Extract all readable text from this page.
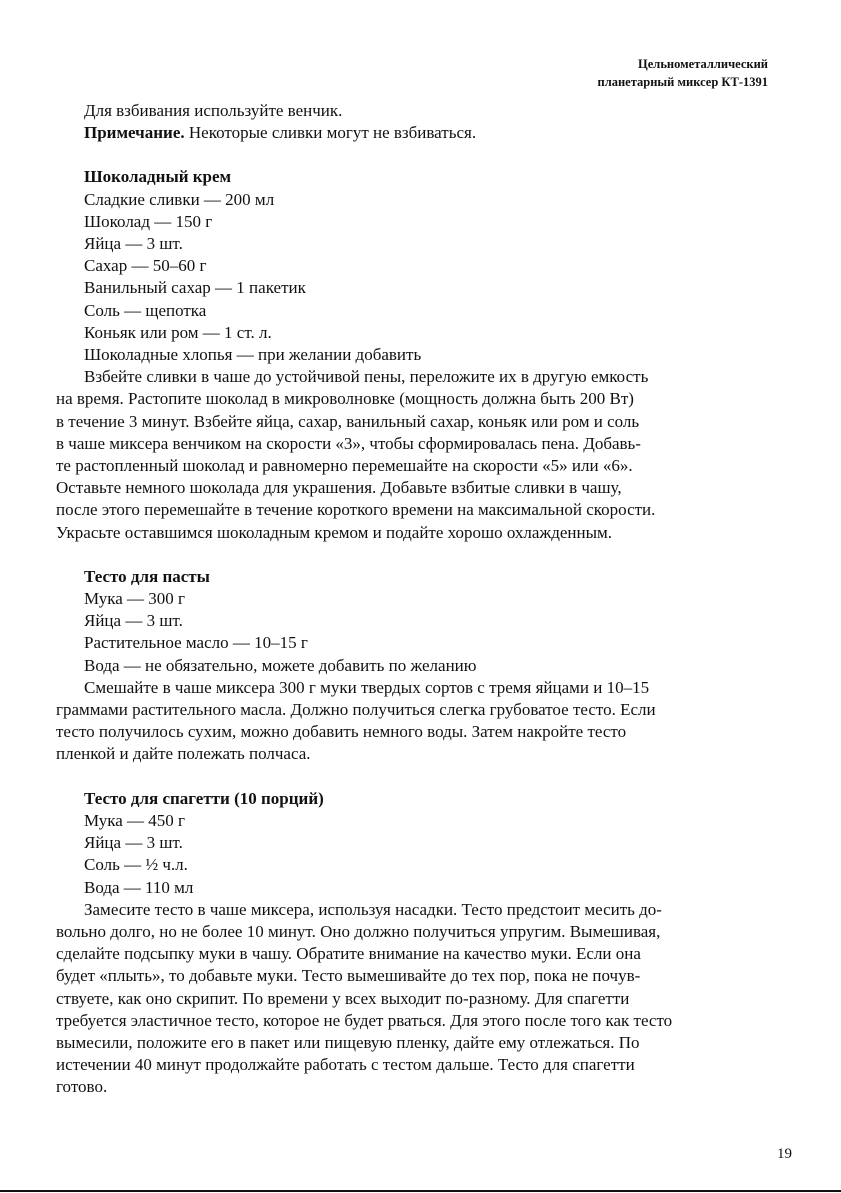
Цельнометаллический
планетарный миксер КТ-1391
Для взбивания используйте венчик.
Примечание. Некоторые сливки могут не взбиваться.
Шоколадный крем
Сладкие сливки — 200 мл
Шоколад — 150 г
Яйца — 3 шт.
Сахар — 50–60 г
Ванильный сахар — 1 пакетик
Соль — щепотка
Коньяк или ром — 1 ст. л.
Шоколадные хлопья — при желании добавить
Взбейте сливки в чаше до устойчивой пены, переложите их в другую емкость
на время. Растопите шоколад в микроволновке (мощность должна быть 200 Вт)
в течение 3 минут. Взбейте яйца, сахар, ванильный сахар, коньяк или ром и соль
в чаше миксера венчиком на скорости «3», чтобы сформировалась пена. Добавь-
те растопленный шоколад и равномерно перемешайте на скорости «5» или «6».
Оставьте немного шоколада для украшения. Добавьте взбитые сливки в чашу,
после этого перемешайте в течение короткого времени на максимальной скорости.
Украсьте оставшимся шоколадным кремом и подайте хорошо охлажденным.
Тесто для пасты
Мука — 300 г
Яйца — 3 шт.
Растительное масло — 10–15 г
Вода — не обязательно, можете добавить по желанию
Смешайте в чаше миксера 300 г муки твердых сортов с тремя яйцами и 10–15
граммами растительного масла. Должно получиться слегка грубоватое тесто. Если
тесто получилось сухим, можно добавить немного воды. Затем накройте тесто
пленкой и дайте полежать полчаса.
Тесто для спагетти (10 порций)
Мука — 450 г
Яйца — 3 шт.
Соль — ½ ч.л.
Вода — 110 мл
Замесите тесто в чаше миксера, используя насадки. Тесто предстоит месить до-
вольно долго, но не более 10 минут. Оно должно получиться упругим. Вымешивая,
сделайте подсыпку муки в чашу. Обратите внимание на качество муки. Если она
будет «плыть», то добавьте муки. Тесто вымешивайте до тех пор, пока не почув-
ствуете, как оно скрипит. По времени у всех выходит по-разному. Для спагетти
требуется эластичное тесто, которое не будет рваться. Для этого после того как тесто
вымесили, положите его в пакет или пищевую пленку, дайте ему отлежаться. По
истечении 40 минут продолжайте работать с тестом дальше. Тесто для спагетти
готово.
19
